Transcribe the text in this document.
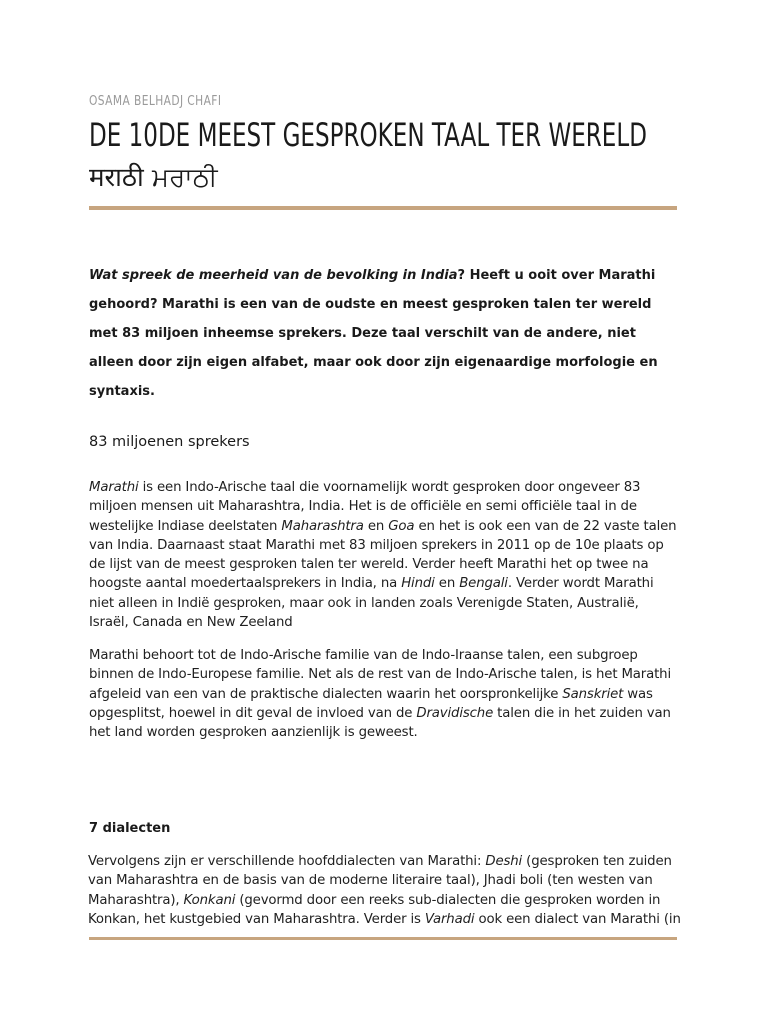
OSAMA BELHADJ CHAFI
DE 10DE MEEST GESPROKEN TAAL TER WERELD
मराठी ਮਰਾਠੀ

Wat spreek de meerheid van de bevolking in India? Heeft u ooit over Marathi gehoord? Marathi is een van de oudste en meest gesproken talen ter wereld met 83 miljoen inheemse sprekers. Deze taal verschilt van de andere, niet alleen door zijn eigen alfabet, maar ook door zijn eigenaardige morfologie en syntaxis.

83 miljoenen sprekers

Marathi is een Indo-Arische taal die voornamelijk wordt gesproken door ongeveer 83 miljoen mensen uit Maharashtra, India. Het is de officiële en semi officiële taal in de westelijke Indiase deelstaten Maharashtra en Goa en het is ook een van de 22 vaste talen van India. Daarnaast staat Marathi met 83 miljoen sprekers in 2011 op de 10e plaats op de lijst van de meest gesproken talen ter wereld. Verder heeft Marathi het op twee na hoogste aantal moedertaalsprekers in India, na Hindi en Bengali. Verder wordt Marathi niet alleen in Indië gesproken, maar ook in landen zoals Verenigde Staten, Australië, Israël, Canada en New Zeeland

Marathi behoort tot de Indo-Arische familie van de Indo-Iraanse talen, een subgroep binnen de Indo-Europese familie. Net als de rest van de Indo-Arische talen, is het Marathi afgeleid van een van de praktische dialecten waarin het oorspronkelijke Sanskriet was opgesplitst, hoewel in dit geval de invloed van de Dravidische talen die in het zuiden van het land worden gesproken aanzienlijk is geweest.

7 dialecten

Vervolgens zijn er verschillende hoofddialecten van Marathi: Deshi (gesproken ten zuiden van Maharashtra en de basis van de moderne literaire taal), Jhadi boli (ten westen van Maharashtra), Konkani (gevormd door een reeks sub-dialecten die gesproken worden in Konkan, het kustgebied van Maharashtra. Verder is Varhadi ook een dialect van Marathi (in
